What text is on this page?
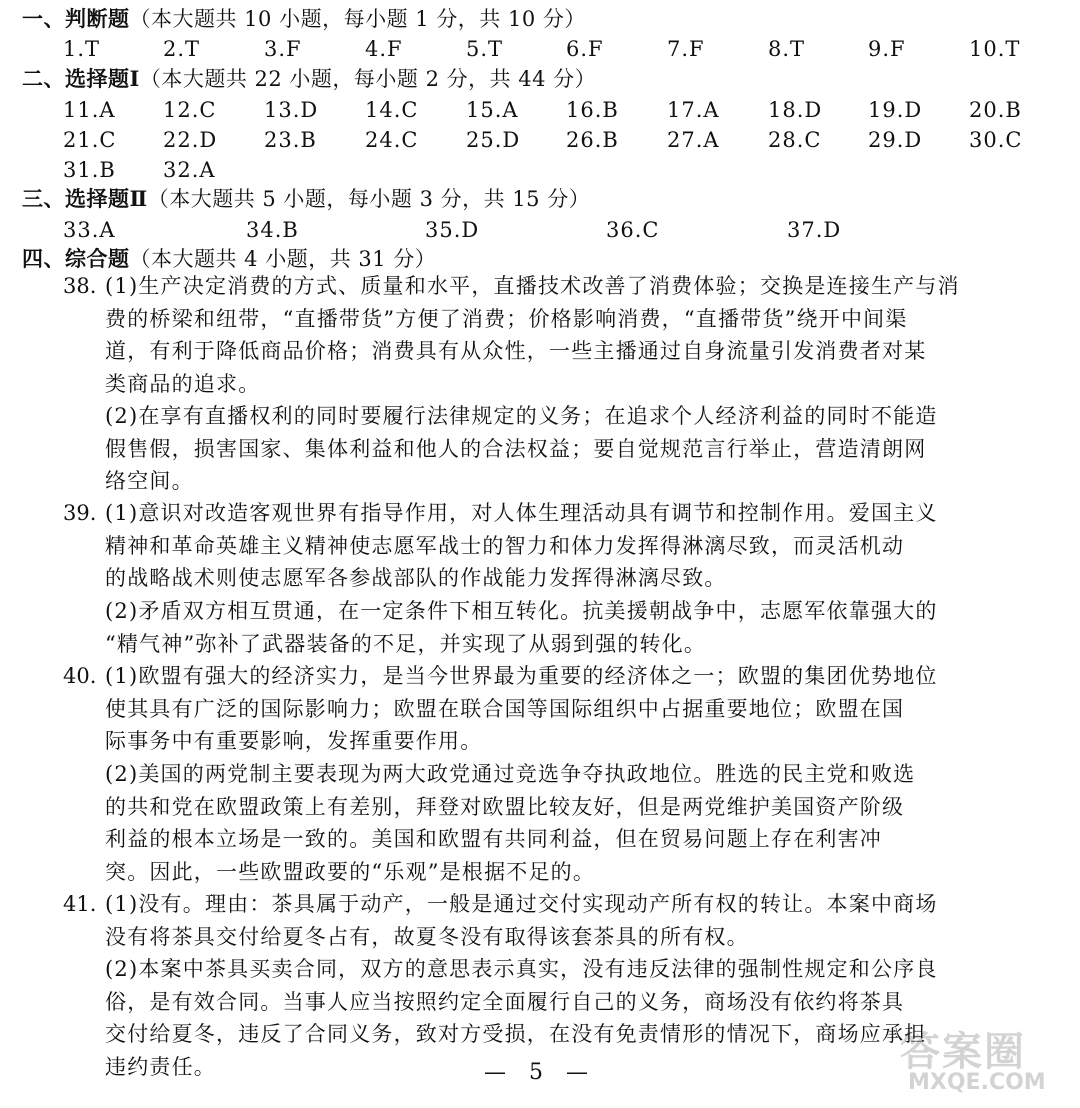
一、判断题（本大题共 10 小题，每小题 1 分，共 10 分）
1.T	2.T	3.F	4.F	5.T	6.F	7.F	8.T	9.F	10.T
二、选择题Ⅰ（本大题共 22 小题，每小题 2 分，共 44 分）
11.A 12.C 13.D 14.C 15.A 16.B 17.A 18.D 19.D 20.B
21.C 22.D 23.B 24.C 25.D 26.B 27.A 28.C 29.D 30.C
31.B 32.A
三、选择题Ⅱ（本大题共 5 小题，每小题 3 分，共 15 分）
33.A	34.B	35.D	36.C	37.D
四、综合题（本大题共 4 小题，共 31 分）
38. (1)生产决定消费的方式、质量和水平，直播技术改善了消费体验；交换是连接生产与消
费的桥梁和纽带，“直播带货”方便了消费；价格影响消费，“直播带货”绕开中间渠
道，有利于降低商品价格；消费具有从众性，一些主播通过自身流量引发消费者对某
类商品的追求。
(2)在享有直播权利的同时要履行法律规定的义务；在追求个人经济利益的同时不能造
假售假，损害国家、集体利益和他人的合法权益；要自觉规范言行举止，营造清朗网
络空间。
39. (1)意识对改造客观世界有指导作用，对人体生理活动具有调节和控制作用。爱国主义
精神和革命英雄主义精神使志愿军战士的智力和体力发挥得淋漓尽致，而灵活机动
的战略战术则使志愿军各参战部队的作战能力发挥得淋漓尽致。
(2)矛盾双方相互贯通，在一定条件下相互转化。抗美援朝战争中，志愿军依靠强大的
“精气神”弥补了武器装备的不足，并实现了从弱到强的转化。
40. (1)欧盟有强大的经济实力，是当今世界最为重要的经济体之一；欧盟的集团优势地位
使其具有广泛的国际影响力；欧盟在联合国等国际组织中占据重要地位；欧盟在国
际事务中有重要影响，发挥重要作用。
(2)美国的两党制主要表现为两大政党通过竞选争夺执政地位。胜选的民主党和败选
的共和党在欧盟政策上有差别，拜登对欧盟比较友好，但是两党维护美国资产阶级
利益的根本立场是一致的。美国和欧盟有共同利益，但在贸易问题上存在利害冲
突。因此，一些欧盟政要的“乐观”是根据不足的。
41. (1)没有。理由：茶具属于动产，一般是通过交付实现动产所有权的转让。本案中商场
没有将茶具交付给夏冬占有，故夏冬没有取得该套茶具的所有权。
(2)本案中茶具买卖合同，双方的意思表示真实，没有违反法律的强制性规定和公序良
俗，是有效合同。当事人应当按照约定全面履行自己的义务，商场没有依约将茶具
交付给夏冬，违反了合同义务，致对方受损，在没有免责情形的情况下，商场应承担
违约责任。	— 5 —	答案圈
MXQE.COM
